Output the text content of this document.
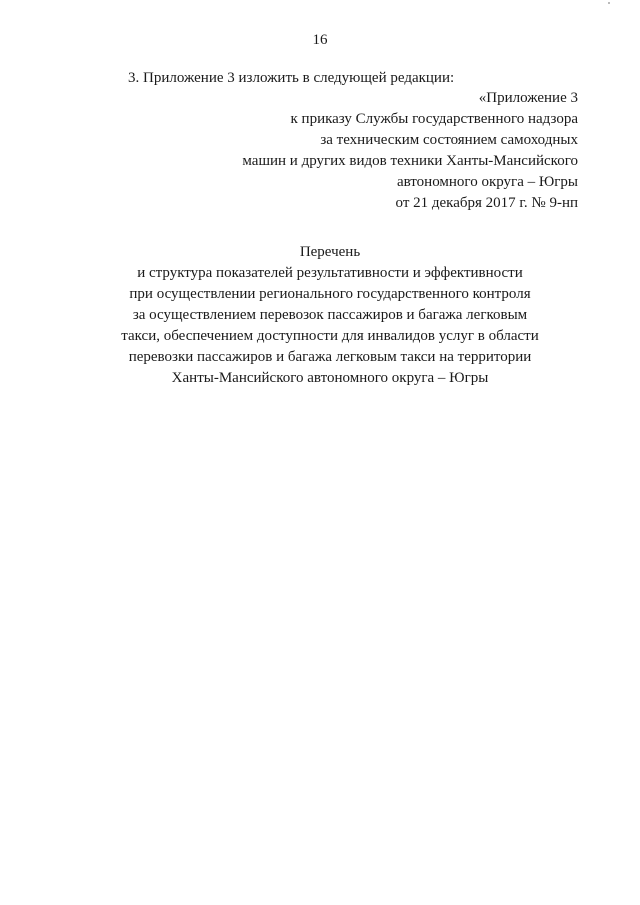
16
3. Приложение 3 изложить в следующей редакции:
«Приложение 3
к приказу Службы государственного надзора
за техническим состоянием самоходных
машин и других видов техники Ханты-Мансийского
автономного округа – Югры
от 21 декабря 2017 г. № 9-нп
Перечень
и структура показателей результативности и эффективности
при осуществлении регионального государственного контроля
за осуществлением перевозок пассажиров и багажа легковым
такси, обеспечением доступности для инвалидов услуг в области
перевозки пассажиров и багажа легковым такси на территории
Ханты-Мансийского автономного округа – Югры
